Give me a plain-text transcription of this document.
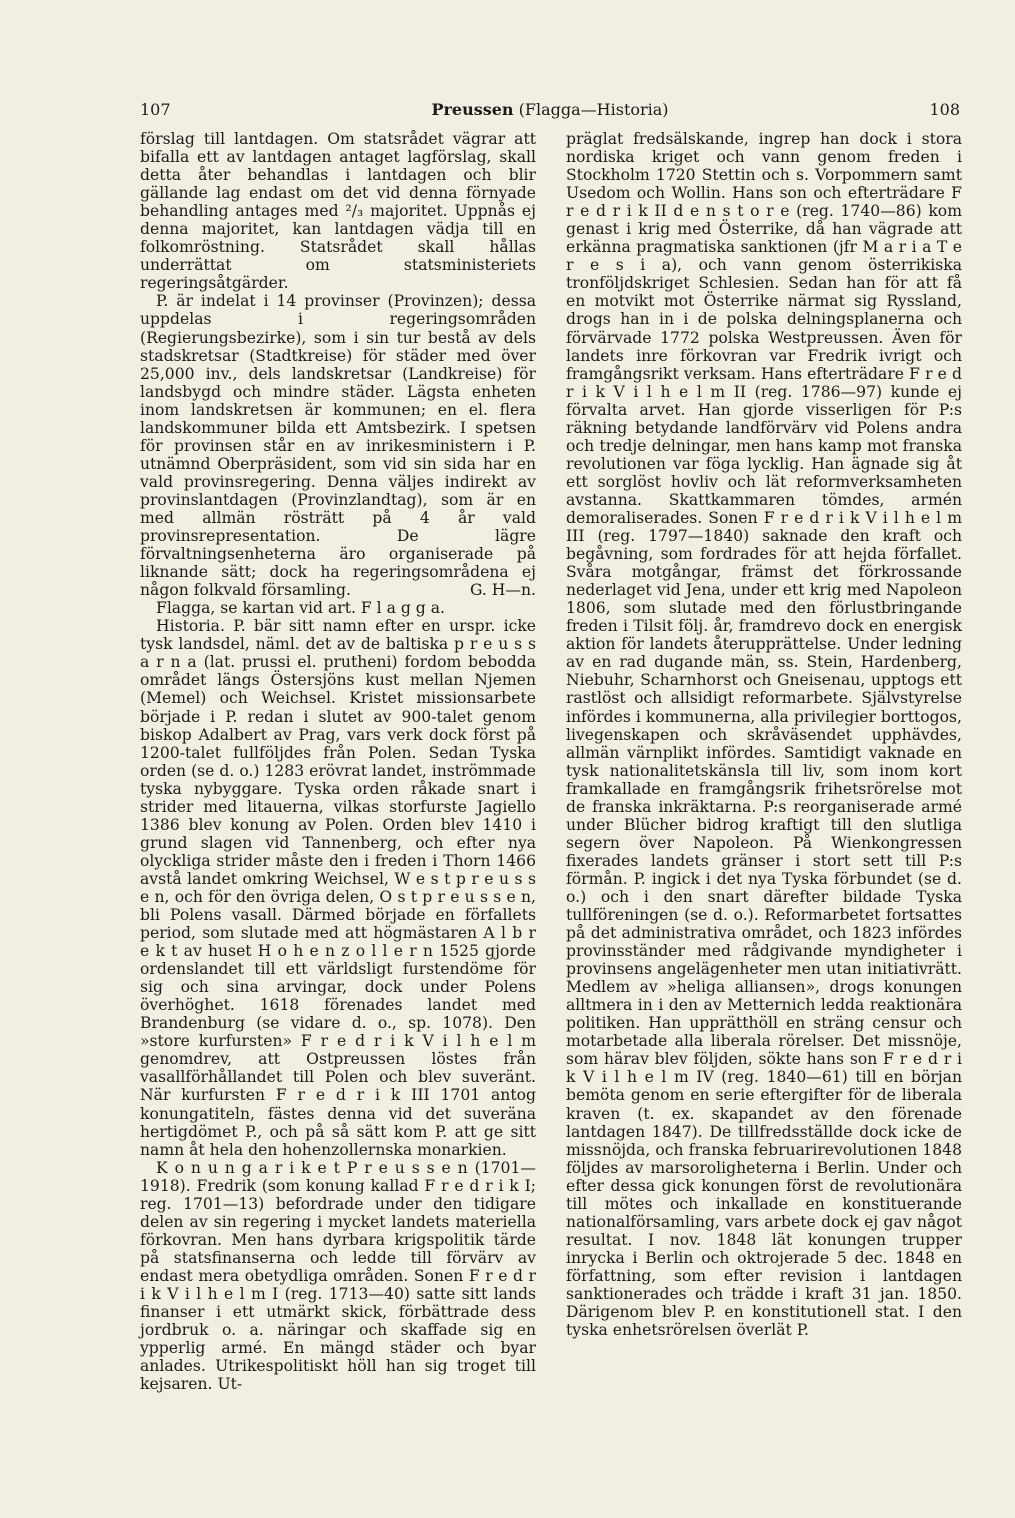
107	Preussen (Flagga—Historia)	108

förslag till lantdagen. Om statsrådet vägrar att bifalla ett av lantdagen antaget lagförslag, skall detta åter behandlas i lantdagen och blir gällande lag endast om det vid denna förnyade behandling antages med ²/₃ majoritet. Uppnås ej denna majoritet, kan lantdagen vädja till en folkomröstning. Statsrådet skall hållas underrättat om statsministeriets regeringsåtgärder.

P. är indelat i 14 provinser (Provinzen); dessa uppdelas i regeringsområden (Regierungsbezirke), som i sin tur bestå av dels stadskretsar (Stadtkreise) för städer med över 25,000 inv., dels landskretsar (Landkreise) för landsbygd och mindre städer. Lägsta enheten inom landskretsen är kommunen; en el. flera landskommuner bilda ett Amtsbezirk. I spetsen för provinsen står en av inrikesministern i P. utnämnd Oberpräsident, som vid sin sida har en vald provinsregering. Denna väljes indirekt av provinslantdagen (Provinzlandtag), som är en med allmän rösträtt på 4 år vald provinsrepresentation. De lägre förvaltningsenheterna äro organiserade på liknande sätt; dock ha regeringsområdena ej någon folkvald församling.	G. H—n.

Flagga, se kartan vid art. F l a g g a.

Historia. P. bär sitt namn efter en urspr. icke tysk landsdel, näml. det av de baltiska p r e u s s a r n a (lat. prussi el. prutheni) fordom bebodda området längs Östersjöns kust mellan Njemen (Memel) och Weichsel. Kristet missionsarbete började i P. redan i slutet av 900-talet genom biskop Adalbert av Prag, vars verk dock först på 1200-talet fullföljdes från Polen. Sedan Tyska orden (se d. o.) 1283 erövrat landet, inströmmade tyska nybyggare. Tyska orden råkade snart i strider med litauerna, vilkas storfurste Jagiello 1386 blev konung av Polen. Orden blev 1410 i grund slagen vid Tannenberg, och efter nya olyckliga strider måste den i freden i Thorn 1466 avstå landet omkring Weichsel, W e s t p r e u s s e n, och för den övriga delen, O s t p r e u s s e n, bli Polens vasall. Därmed började en förfallets period, som slutade med att högmästaren A l b r e k t av huset H o h e n z o l l e r n 1525 gjorde ordenslandet till ett världsligt furstendöme för sig och sina arvingar, dock under Polens överhöghet. 1618 förenades landet med Brandenburg (se vidare d. o., sp. 1078). Den »store kurfursten» F r e d r i k V i l h e l m genomdrev, att Ostpreussen löstes från vasallförhållandet till Polen och blev suveränt. När kurfursten F r e d r i k III 1701 antog konungatiteln, fästes denna vid det suveräna hertigdömet P., och på så sätt kom P. att ge sitt namn åt hela den hohenzollernska monarkien.

K o n u n g a r i k e t P r e u s s e n (1701—1918). Fredrik (som konung kallad F r e d r i k I; reg. 1701—13) befordrade under den tidigare delen av sin regering i mycket landets materiella förkovran. Men hans dyrbara krigspolitik tärde på statsfinanserna och ledde till förvärv av endast mera obetydliga områden. Sonen F r e d r i k V i l h e l m I (reg. 1713—40) satte sitt lands finanser i ett utmärkt skick, förbättrade dess jordbruk o. a. näringar och skaffade sig en ypperlig armé. En mängd städer och byar anlades. Utrikespolitiskt höll han sig troget till kejsaren. Ut-

präglat fredsälskande, ingrep han dock i stora nordiska kriget och vann genom freden i Stockholm 1720 Stettin och s. Vorpommern samt Usedom och Wollin. Hans son och efterträdare F r e d r i k II d e n s t o r e (reg. 1740—86) kom genast i krig med Österrike, då han vägrade att erkänna pragmatiska sanktionen (jfr M a r i a T e r e s i a), och vann genom österrikiska tronföljdskriget Schlesien. Sedan han för att få en motvikt mot Österrike närmat sig Ryssland, drogs han in i de polska delningsplanerna och förvärvade 1772 polska Westpreussen. Även för landets inre förkovran var Fredrik ivrigt och framgångsrikt verksam. Hans efterträdare F r e d r i k V i l h e l m II (reg. 1786—97) kunde ej förvalta arvet. Han gjorde visserligen för P:s räkning betydande landförvärv vid Polens andra och tredje delningar, men hans kamp mot franska revolutionen var föga lycklig. Han ägnade sig åt ett sorglöst hovliv och lät reformverksamheten avstanna. Skattkammaren tömdes, armén demoraliserades. Sonen F r e d r i k V i l h e l m III (reg. 1797—1840) saknade den kraft och begåvning, som fordrades för att hejda förfallet. Svåra motgångar, främst det förkrossande nederlaget vid Jena, under ett krig med Napoleon 1806, som slutade med den förlustbringande freden i Tilsit följ. år, framdrevo dock en energisk aktion för landets återupprättelse. Under ledning av en rad dugande män, ss. Stein, Hardenberg, Niebuhr, Scharnhorst och Gneisenau, upptogs ett rastlöst och allsidigt reformarbete. Självstyrelse infördes i kommunerna, alla privilegier borttogos, livegenskapen och skråväsendet upphävdes, allmän värnplikt infördes. Samtidigt vaknade en tysk nationalitetskänsla till liv, som inom kort framkallade en framgångsrik frihetsrörelse mot de franska inkräktarna. P:s reorganiserade armé under Blücher bidrog kraftigt till den slutliga segern över Napoleon. På Wienkongressen fixerades landets gränser i stort sett till P:s förmån. P. ingick i det nya Tyska förbundet (se d. o.) och i den snart därefter bildade Tyska tullföreningen (se d. o.). Reformarbetet fortsattes på det administrativa området, och 1823 infördes provinsständer med rådgivande myndigheter i provinsens angelägenheter men utan initiativrätt. Medlem av »heliga alliansen», drogs konungen alltmera in i den av Metternich ledda reaktionära politiken. Han upprätthöll en sträng censur och motarbetade alla liberala rörelser. Det missnöje, som härav blev följden, sökte hans son F r e d r i k V i l h e l m IV (reg. 1840—61) till en början bemöta genom en serie eftergifter för de liberala kraven (t. ex. skapandet av den förenade lantdagen 1847). De tillfredsställde dock icke de missnöjda, och franska februarirevolutionen 1848 följdes av marsoroligheterna i Berlin. Under och efter dessa gick konungen först de revolutionära till mötes och inkallade en konstituerande nationalförsamling, vars arbete dock ej gav något resultat. I nov. 1848 lät konungen trupper inrycka i Berlin och oktrojerade 5 dec. 1848 en författning, som efter revision i lantdagen sanktionerades och trädde i kraft 31 jan. 1850. Därigenom blev P. en konstitutionell stat. I den tyska enhetsrörelsen överlät P.
